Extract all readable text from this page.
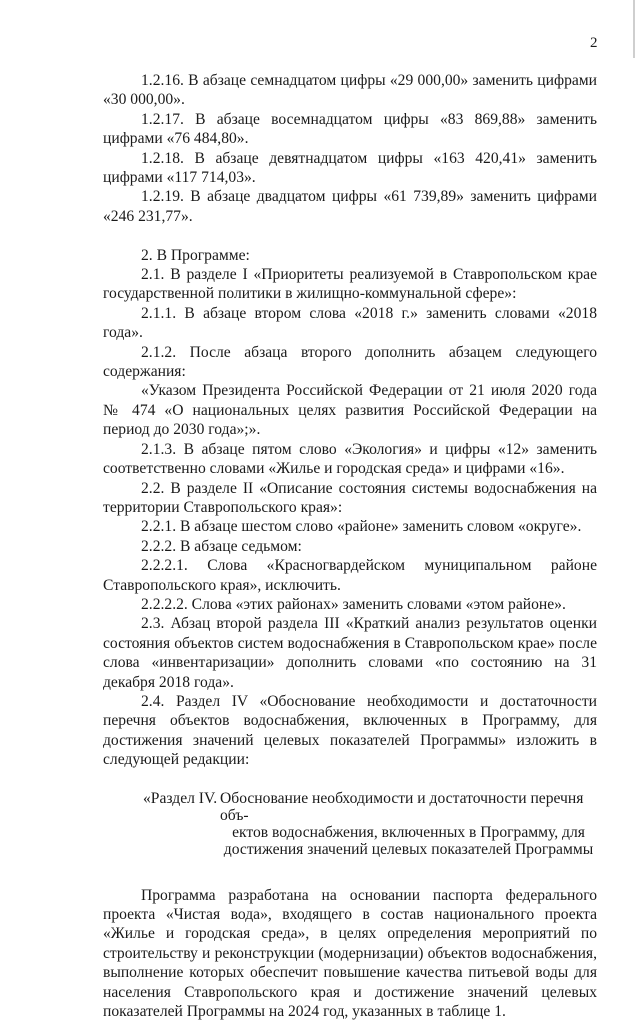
2

1.2.16. В абзаце семнадцатом цифры «29 000,00» заменить цифрами «30 000,00».

1.2.17. В абзаце восемнадцатом цифры «83 869,88» заменить цифрами «76 484,80».

1.2.18. В абзаце девятнадцатом цифры «163 420,41» заменить цифрами «117 714,03».

1.2.19. В абзаце двадцатом цифры «61 739,89» заменить цифрами «246 231,77».

2. В Программе:

2.1. В разделе I «Приоритеты реализуемой в Ставропольском крае государственной политики в жилищно-коммунальной сфере»:

2.1.1. В абзаце втором слова «2018 г.» заменить словами «2018 года».

2.1.2. После абзаца второго дополнить абзацем следующего содержания:

«Указом Президента Российской Федерации от 21 июля 2020 года № 474 «О национальных целях развития Российской Федерации на период до 2030 года»;».

2.1.3. В абзаце пятом слово «Экология» и цифры «12» заменить соответственно словами «Жилье и городская среда» и цифрами «16».

2.2. В разделе II «Описание состояния системы водоснабжения на территории Ставропольского края»:

2.2.1. В абзаце шестом слово «районе» заменить словом «округе».

2.2.2. В абзаце седьмом:

2.2.2.1. Слова «Красногвардейском муниципальном районе Ставропольского края», исключить.

2.2.2.2. Слова «этих районах» заменить словами «этом районе».

2.3. Абзац второй раздела III «Краткий анализ результатов оценки состояния объектов систем водоснабжения в Ставропольском крае» после слова «инвентаризации» дополнить словами «по состоянию на 31 декабря 2018 года».

2.4. Раздел IV «Обоснование необходимости и достаточности перечня объектов водоснабжения, включенных в Программу, для достижения значений целевых показателей Программы» изложить в следующей редакции:

«Раздел IV. Обоснование необходимости и достаточности перечня объ-
ектов водоснабжения, включенных в Программу, для достижения значений целевых показателей Программы

Программа разработана на основании паспорта федерального проекта «Чистая вода», входящего в состав национального проекта «Жилье и городская среда», в целях определения мероприятий по строительству и реконструкции (модернизации) объектов водоснабжения, выполнение которых обеспечит повышение качества питьевой воды для населения Ставропольского края и достижение значений целевых показателей Программы на 2024 год, указанных в таблице 1.
